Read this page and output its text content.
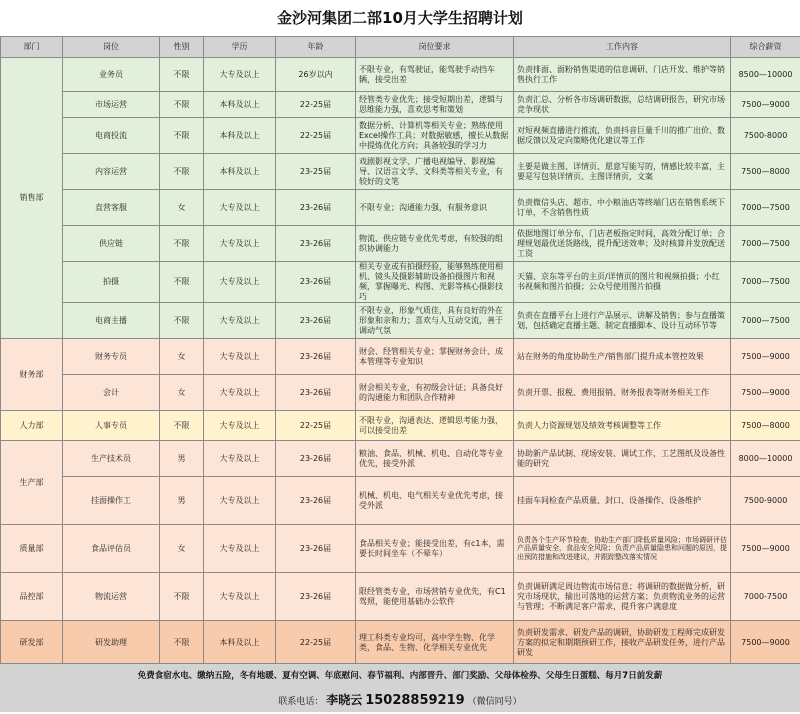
金沙河集团二部10月大学生招聘计划
部门	岗位	性别	学历	年龄	岗位要求	工作内容	综合薪资
销售部	业务员	不限	大专及以上	26岁以内	不限专业，有驾驶证，能驾驶手动挡车辆，接受出差	负责排面、面粉销售渠道的信息调研、门店开发、维护等销售执行工作	8500—10000
	市场运营	不限	本科及以上	22-25届	经管类专业优先；接受短期出差，逻辑与思维能力强，喜欢思考和策划	负责汇总、分析各市场调研数据，总结调研报告，研究市场竞争现状	7500—9000
	电商投流	不限	本科及以上	22-25届	数据分析、计算机等相关专业；熟练使用Excel操作工具；对数据敏感，擅长从数据中提炼优化方向；具备较强的学习力	对短视频直播进行推流，负责抖音巨量千川的推广出价、数据反馈以及定向策略优化建议等工作	7500-8000
	内容运营	不限	本科及以上	23-25届	戏剧影视文学、广播电视编导、影视编导、汉语言文学、文科类等相关专业，有较好的文笔	主要是做主图、详情页、愿意写能写的，情感比较丰富，主要是写包装详情页、主图详情页，文案	7500—8000
	直营客服	女	大专及以上	23-26届	不限专业；沟通能力强，有服务意识	负责微信头店、超市、中小粮油店等终端门店在销售系统下订单，不含销售性质	7000—7500
	供应链	不限	大专及以上	23-26届	物流、供应链专业优先考虑，有较强的组织协调能力	依据地图订单分布，门店老板指定时间，高效分配订单；合理规划最优送货路线，提升配送效率；及时核算并发放配送工资	7000—7500
	拍摄	不限	大专及以上	23-26届	相关专业或有拍摄经验，能够熟练使用相机、镜头及摄影辅助设备拍摄图片和视频，掌握曝光、构图、光影等核心摄影技巧	天猫、京东等平台的主页/详情页的图片和视频拍摄；小红书视频和图片拍摄；公众号使用图片拍摄	7000—7500
	电商主播	不限	大专及以上	23-26届	不限专业，形象气质佳，具有良好的外在形象和亲和力；喜欢与人互动交流，善于调动气氛	负责在直播平台上进行产品展示、讲解及销售；参与直播策划，包括确定直播主题、制定直播脚本、设计互动环节等	7000—7500
财务部	财务专员	女	大专及以上	23-26届	财会、经管相关专业；掌握财务会计、成本管理等专业知识	站在财务的角度协助生产/销售部门提升成本管控效果	7500—9000
	会计	女	大专及以上	23-26届	财会相关专业，有初级会计证；具备良好的沟通能力和团队合作精神	负责开票、报税、费用报销、财务报表等财务相关工作	7500—9000
人力部	人事专员	不限	大专及以上	22-25届	不限专业，沟通表达、逻辑思考能力强，可以接受出差	负责人力资源规划及绩效考核调整等工作	7500—8000
生产部	生产技术员	男	大专及以上	23-26届	粮油、食品、机械、机电、自动化等专业优先，接受外派	协助新产品试制、现场安装、调试工作，工艺图纸及设备性能的研究	8000—10000
	挂面操作工	男	大专及以上	23-26届	机械、机电、电气相关专业优先考虑，接受外派	挂面车间检查产品质量、封口、设备操作、设备维护	7500-9000
质量部	食品评估员	女	大专及以上	23-26届	食品相关专业；能接受出差，有c1本，需要长时间坐车（不晕车）	负责各个生产环节检查，协助生产部门降低质量风险；市场调研评估产品质量安全，食品安全风险；负责产品质量隐患和问题的原因，提出预防措施和改进建议，并跟踪整改落实情况	7500—9000
品控部	物流运营	不限	大专及以上	23-26届	限经管类专业，市场营销专业优先，有C1驾照，能使用基础办公软件	负责调研满足周边物流市场信息；将调研的数据做分析，研究市场现状，输出可落地的运营方案；负责物流业务的运营与管理；不断满足客户需求，提升客户满意度	7000-7500
研发部	研发助理	不限	本科及以上	22-25届	理工科类专业均可，高中学生物、化学类，食品、生物、化学相关专业优先	负责研发需求、研发产品的调研，协助研发工程师完成研发方案的拟定和期期预研工作，接收产品研发任务，进行产品研发	7500—9000
免费食宿水电、缴纳五险，冬有地暖、夏有空调、年底慰问、春节福利、内部晋升、部门奖励、父母体检券、父母生日蛋糕、每月7日前发薪
联系电话： 李晓云 15028859219 （微信同号）
